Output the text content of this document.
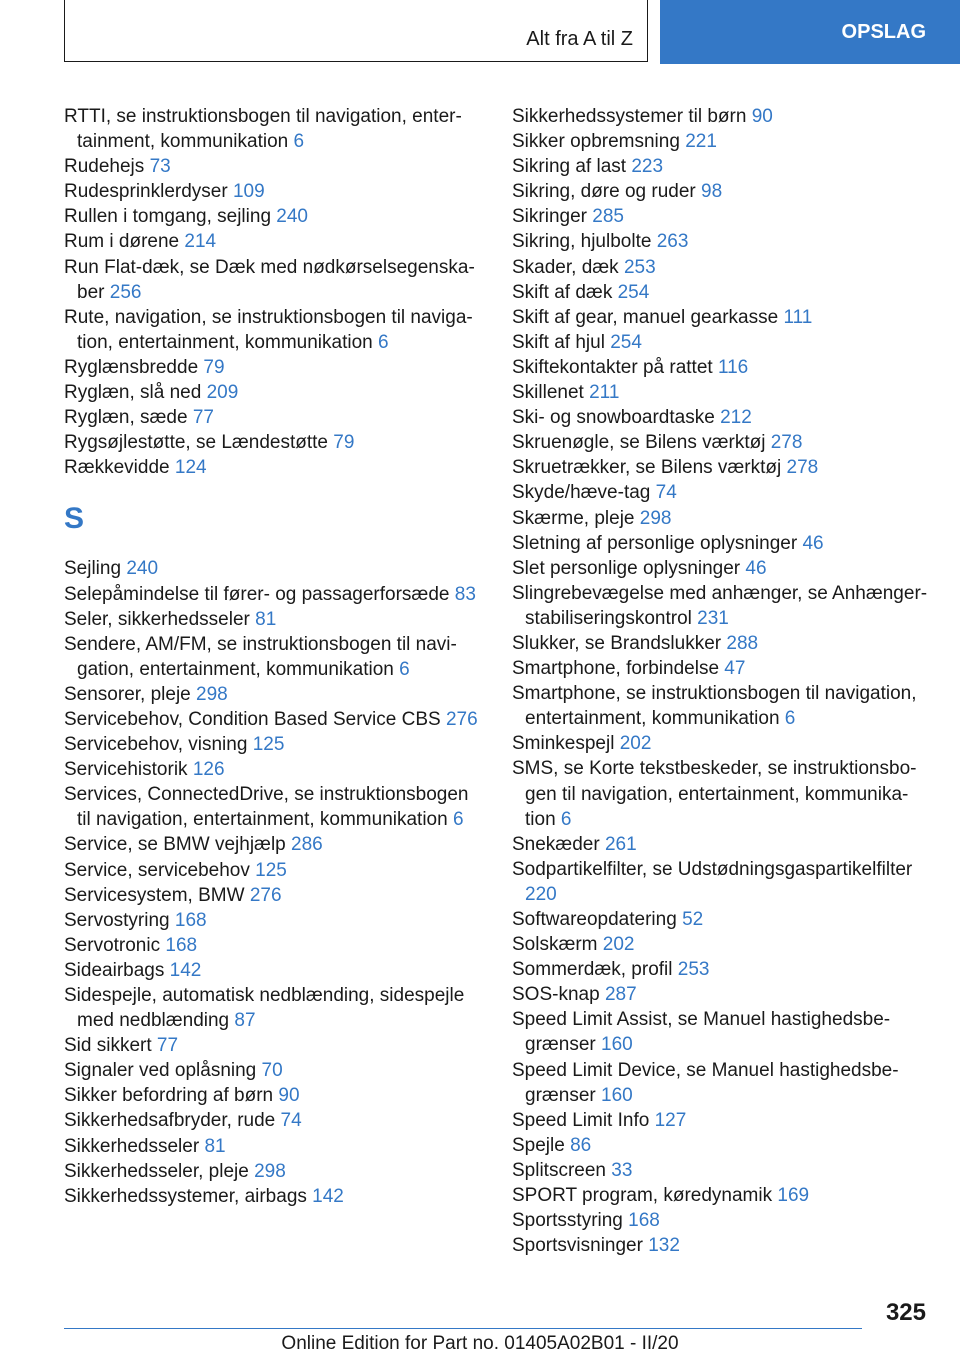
Alt fra A til Z	OPSLAG
RTTI, se instruktionsbogen til navigation, entertainment, kommunikation 6
Rudehejs 73
Rudesprinklerdyser 109
Rullen i tomgang, sejling 240
Rum i dørene 214
Run Flat-dæk, se Dæk med nødkørselsegenskaber 256
Rute, navigation, se instruktionsbogen til navigation, entertainment, kommunikation 6
Ryglænsbredde 79
Ryglæn, slå ned 209
Ryglæn, sæde 77
Rygsøjlestøtte, se Lændestøtte 79
Rækkevidde 124
S
Sejling 240
Selepåmindelse til fører- og passagerforsæde 83
Seler, sikkerhedsseler 81
Sendere, AM/FM, se instruktionsbogen til navigation, entertainment, kommunikation 6
Sensorer, pleje 298
Servicebehov, Condition Based Service CBS 276
Servicebehov, visning 125
Servicehistorik 126
Services, ConnectedDrive, se instruktionsbogen til navigation, entertainment, kommunikation 6
Service, se BMW vejhjælp 286
Service, servicebehov 125
Servicesystem, BMW 276
Servostyring 168
Servotronic 168
Sideairbags 142
Sidespejle, automatisk nedblænding, sidespejle med nedblænding 87
Sid sikkert 77
Signaler ved oplåsning 70
Sikker befordring af børn 90
Sikkerhedsafbryder, rude 74
Sikkerhedsseler 81
Sikkerhedsseler, pleje 298
Sikkerhedssystemer, airbags 142
Sikkerhedssystemer til børn 90
Sikker opbremsning 221
Sikring af last 223
Sikring, døre og ruder 98
Sikringer 285
Sikring, hjulbolte 263
Skader, dæk 253
Skift af dæk 254
Skift af gear, manuel gearkasse 111
Skift af hjul 254
Skiftekontakter på rattet 116
Skillenet 211
Ski- og snowboardtaske 212
Skruenøgle, se Bilens værktøj 278
Skruetrækker, se Bilens værktøj 278
Skyde/hæve-tag 74
Skærme, pleje 298
Sletning af personlige oplysninger 46
Slet personlige oplysninger 46
Slingrebevægelse med anhænger, se Anhænger-stabiliseringskontrol 231
Slukker, se Brandslukker 288
Smartphone, forbindelse 47
Smartphone, se instruktionsbogen til navigation, entertainment, kommunikation 6
Sminkespejl 202
SMS, se Korte tekstbeskeder, se instruktionsbogen til navigation, entertainment, kommunikation 6
Snekæder 261
Sodpartikelfilter, se Udstødningsgaspartikelfilter 220
Softwareopdatering 52
Solskærm 202
Sommerdæk, profil 253
SOS-knap 287
Speed Limit Assist, se Manuel hastighedsbegrænser 160
Speed Limit Device, se Manuel hastighedsbegrænser 160
Speed Limit Info 127
Spejle 86
Splitscreen 33
SPORT program, køredynamik 169
Sportsstyring 168
Sportsvisninger 132
325
Online Edition for Part no. 01405A02B01 - II/20
